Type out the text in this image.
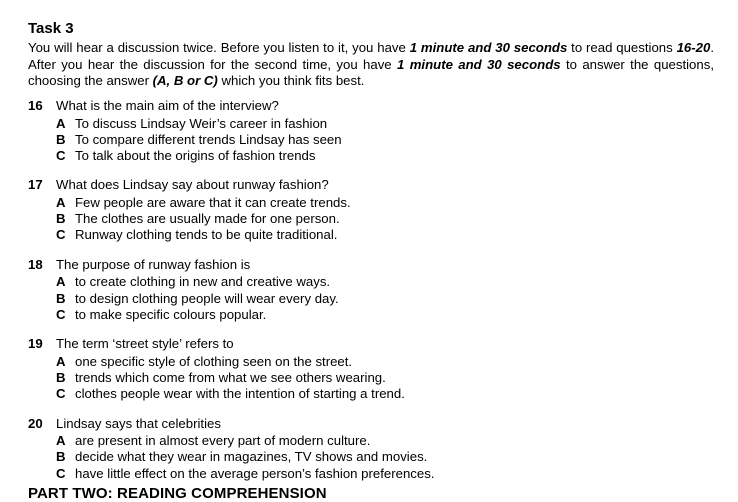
Task 3
You will hear a discussion twice. Before you listen to it, you have 1 minute and 30 seconds to read questions 16-20. After you hear the discussion for the second time, you have 1 minute and 30 seconds to answer the questions, choosing the answer (A, B or C) which you think fits best.
16	What is the main aim of the interview?
A To discuss Lindsay Weir’s career in fashion
B To compare different trends Lindsay has seen
C To talk about the origins of fashion trends
17	What does Lindsay say about runway fashion?
A Few people are aware that it can create trends.
B The clothes are usually made for one person.
C Runway clothing tends to be quite traditional.
18	The purpose of runway fashion is
A to create clothing in new and creative ways.
B to design clothing people will wear every day.
C to make specific colours popular.
19	The term ‘street style’ refers to
A one specific style of clothing seen on the street.
B trends which come from what we see others wearing.
C clothes people wear with the intention of starting a trend.
20	Lindsay says that celebrities
A are present in almost every part of modern culture.
B decide what they wear in magazines, TV shows and movies.
C have little effect on the average person’s fashion preferences.
PART TWO: READING COMPREHENSION
